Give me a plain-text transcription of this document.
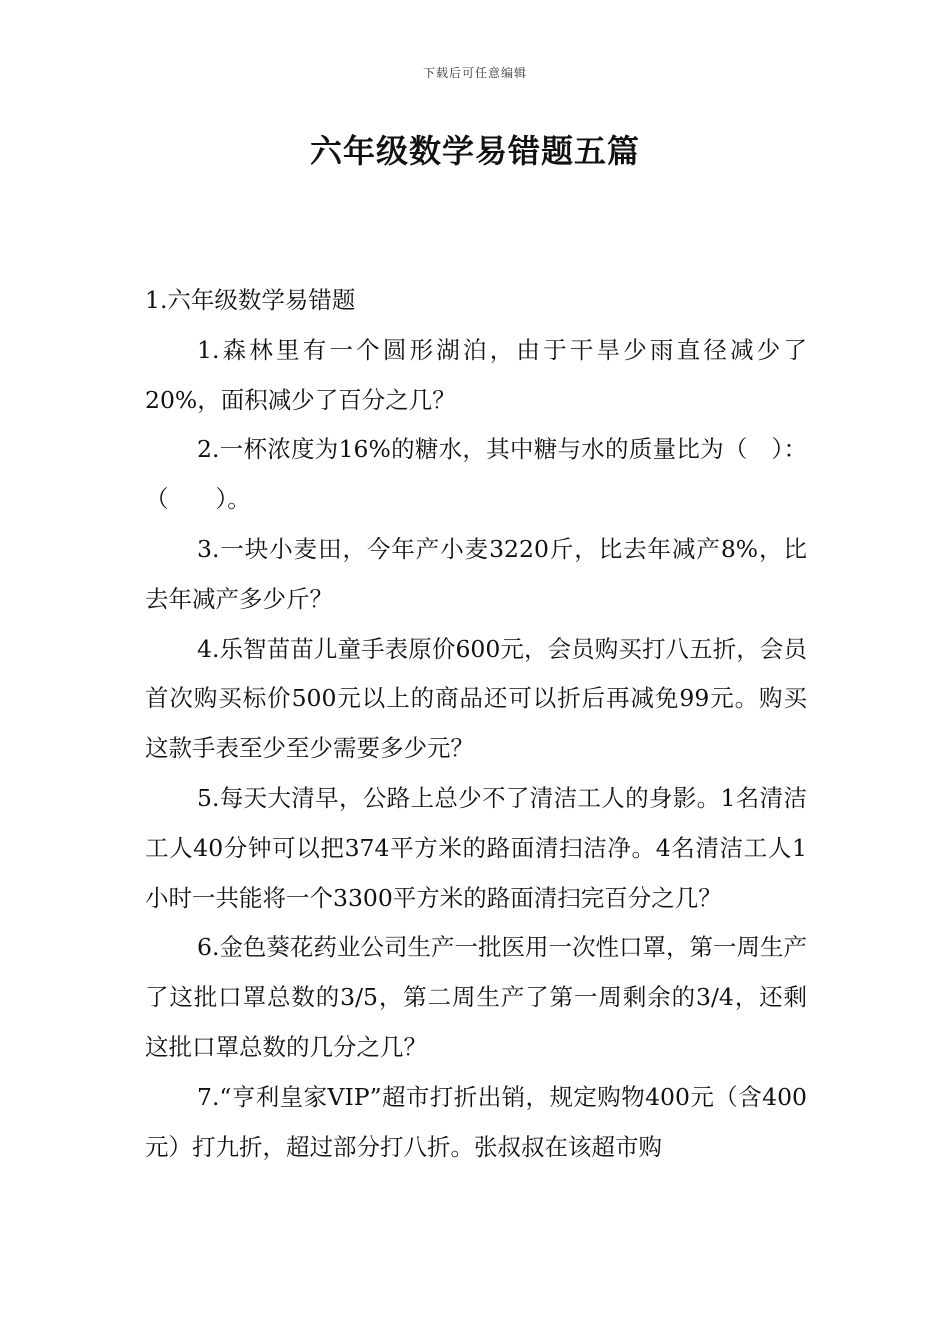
下载后可任意编辑
六年级数学易错题五篇

1.六年级数学易错题

1.森林里有一个圆形湖泊，由于干旱少雨直径减少了20%，面积减少了百分之几？

2.一杯浓度为16%的糖水，其中糖与水的质量比为（　）：（　　）。

3.一块小麦田，今年产小麦3220斤，比去年减产8%，比去年减产多少斤？

4.乐智苗苗儿童手表原价600元，会员购买打八五折，会员首次购买标价500元以上的商品还可以折后再减免99元。购买这款手表至少至少需要多少元？

5.每天大清早，公路上总少不了清洁工人的身影。1名清洁工人40分钟可以把374平方米的路面清扫洁净。4名清洁工人1小时一共能将一个3300平方米的路面清扫完百分之几？

6.金色葵花药业公司生产一批医用一次性口罩，第一周生产了这批口罩总数的3/5，第二周生产了第一周剩余的3/4，还剩这批口罩总数的几分之几？

7.“亨利皇家VIP”超市打折出销，规定购物400元（含400元）打九折，超过部分打八折。张叔叔在该超市购
